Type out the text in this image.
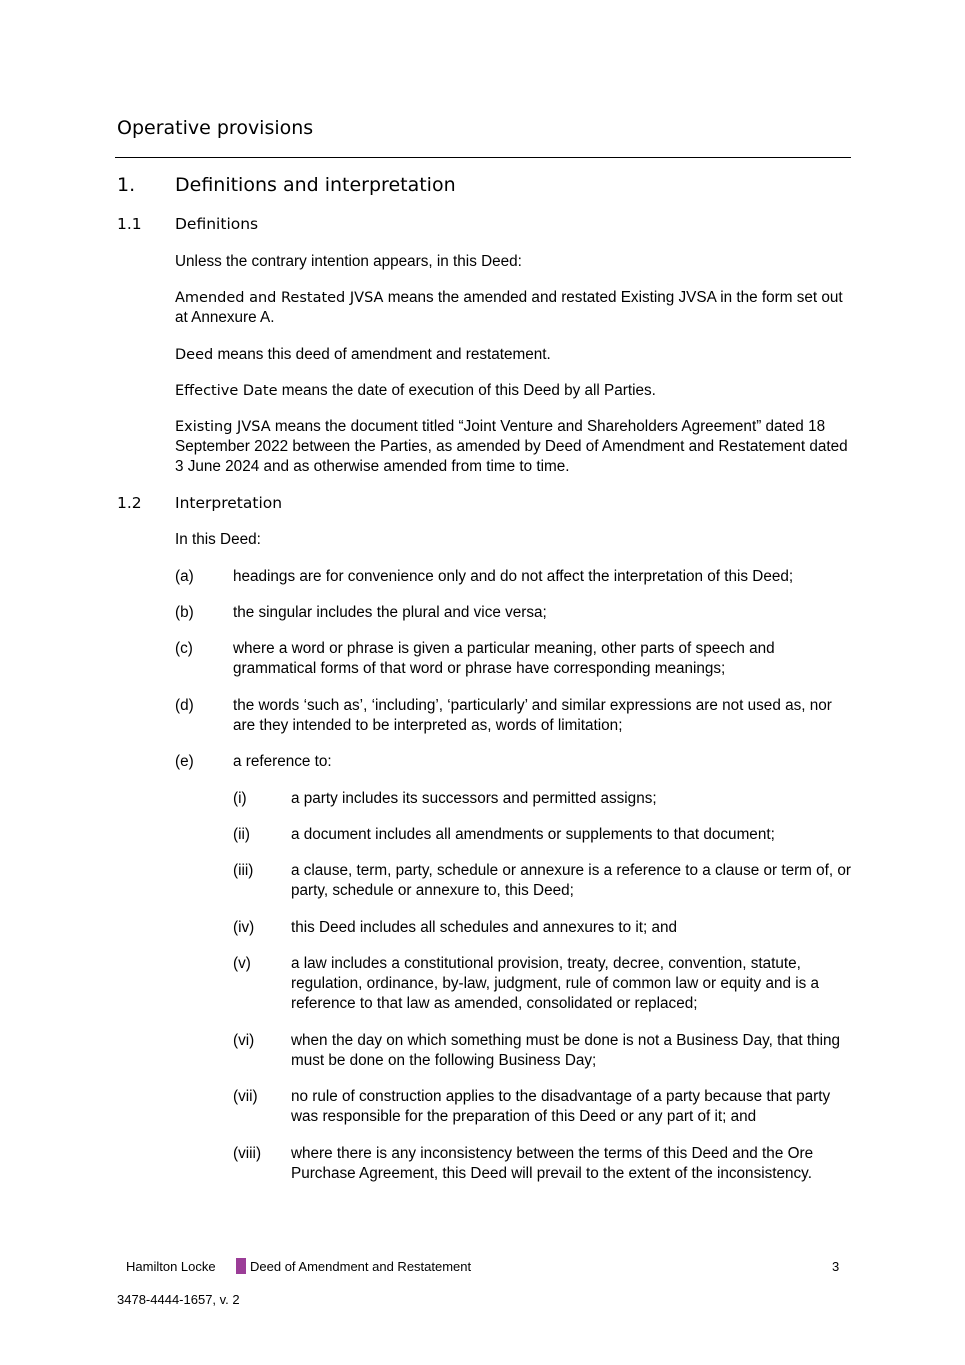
Operative provisions
1. Definitions and interpretation
1.1 Definitions
Unless the contrary intention appears, in this Deed:
Amended and Restated JVSA means the amended and restated Existing JVSA in the form set out at Annexure A.
Deed means this deed of amendment and restatement.
Effective Date means the date of execution of this Deed by all Parties.
Existing JVSA means the document titled “Joint Venture and Shareholders Agreement” dated 18 September 2022 between the Parties, as amended by Deed of Amendment and Restatement dated 3 June 2024 and as otherwise amended from time to time.
1.2 Interpretation
In this Deed:
(a)	headings are for convenience only and do not affect the interpretation of this Deed;
(b)	the singular includes the plural and vice versa;
(c)	where a word or phrase is given a particular meaning, other parts of speech and grammatical forms of that word or phrase have corresponding meanings;
(d)	the words ‘such as’, ‘including’, ‘particularly’ and similar expressions are not used as, nor are they intended to be interpreted as, words of limitation;
(e)	a reference to:
(i)	a party includes its successors and permitted assigns;
(ii)	a document includes all amendments or supplements to that document;
(iii) a clause, term, party, schedule or annexure is a reference to a clause or term of, or party, schedule or annexure to, this Deed;
(iv) this Deed includes all schedules and annexures to it; and
(v)	a law includes a constitutional provision, treaty, decree, convention, statute, regulation, ordinance, by-law, judgment, rule of common law or equity and is a reference to that law as amended, consolidated or replaced;
(vi) when the day on which something must be done is not a Business Day, that thing must be done on the following Business Day;
(vii) no rule of construction applies to the disadvantage of a party because that party was responsible for the preparation of this Deed or any part of it; and
(viii) where there is any inconsistency between the terms of this Deed and the Ore Purchase Agreement, this Deed will prevail to the extent of the inconsistency.
Hamilton Locke	Deed of Amendment and Restatement	3
3478-4444-1657, v. 2
